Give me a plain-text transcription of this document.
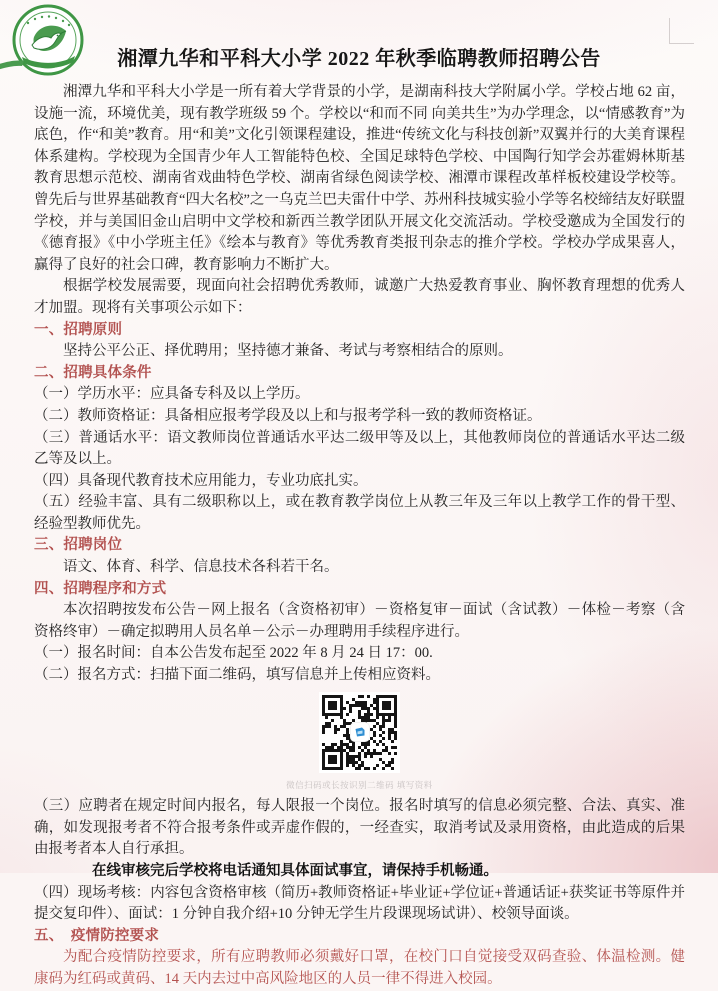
湘潭九华和平科大小学 2022 年秋季临聘教师招聘公告

湘潭九华和平科大小学是一所有着大学背景的小学，是湖南科技大学附属小学。学校占地 62 亩，设施一流，环境优美，现有教学班级 59 个。学校以“和而不同 向美共生”为办学理念，以“情感教育”为底色，作“和美”教育。用“和美”文化引领课程建设，推进“传统文化与科技创新”双翼并行的大美育课程体系建构。学校现为全国青少年人工智能特色校、全国足球特色学校、中国陶行知学会苏霍姆林斯基教育思想示范校、湖南省戏曲特色学校、湖南省绿色阅读学校、湘潭市课程改革样板校建设学校等。曾先后与世界基础教育“四大名校”之一乌克兰巴夫雷什中学、苏州科技城实验小学等名校缔结友好联盟学校，并与美国旧金山启明中文学校和新西兰教学团队开展文化交流活动。学校受邀成为全国发行的《德育报》《中小学班主任》《绘本与教育》等优秀教育类报刊杂志的推介学校。学校办学成果喜人，赢得了良好的社会口碑，教育影响力不断扩大。

根据学校发展需要，现面向社会招聘优秀教师，诚邀广大热爱教育事业、胸怀教育理想的优秀人才加盟。现将有关事项公示如下：

一、招聘原则

坚持公平公正、择优聘用；坚持德才兼备、考试与考察相结合的原则。

二、招聘具体条件

（一）学历水平：应具备专科及以上学历。

（二）教师资格证：具备相应报考学段及以上和与报考学科一致的教师资格证。

（三）普通话水平：语文教师岗位普通话水平达二级甲等及以上，其他教师岗位的普通话水平达二级乙等及以上。

（四）具备现代教育技术应用能力，专业功底扎实。

（五）经验丰富、具有二级职称以上，或在教育教学岗位上从教三年及三年以上教学工作的骨干型、经验型教师优先。

三、招聘岗位

语文、体育、科学、信息技术各科若干名。

四、招聘程序和方式

本次招聘按发布公告－网上报名（含资格初审）－资格复审－面试（含试教）－体检－考察（含资格终审）－确定拟聘用人员名单－公示－办理聘用手续程序进行。

（一）报名时间：自本公告发布起至 2022 年 8 月 24 日 17：00.

（二）报名方式：扫描下面二维码，填写信息并上传相应资料。

微信扫码或长按识别二维码 填写资料

（三）应聘者在规定时间内报名，每人限报一个岗位。报名时填写的信息必须完整、合法、真实、准确，如发现报考者不符合报考条件或弄虚作假的，一经查实，取消考试及录用资格，由此造成的后果由报考者本人自行承担。

在线审核完后学校将电话通知具体面试事宜，请保持手机畅通。

（四）现场考核：内容包含资格审核（简历+教师资格证+毕业证+学位证+普通话证+获奖证书等原件并提交复印件）、面试：1 分钟自我介绍+10 分钟无学生片段课现场试讲）、校领导面谈。

五、　疫情防控要求

为配合疫情防控要求，所有应聘教师必须戴好口罩，在校门口自觉接受双码查验、体温检测。健康码为红码或黄码、14 天内去过中高风险地区的人员一律不得进入校园。
